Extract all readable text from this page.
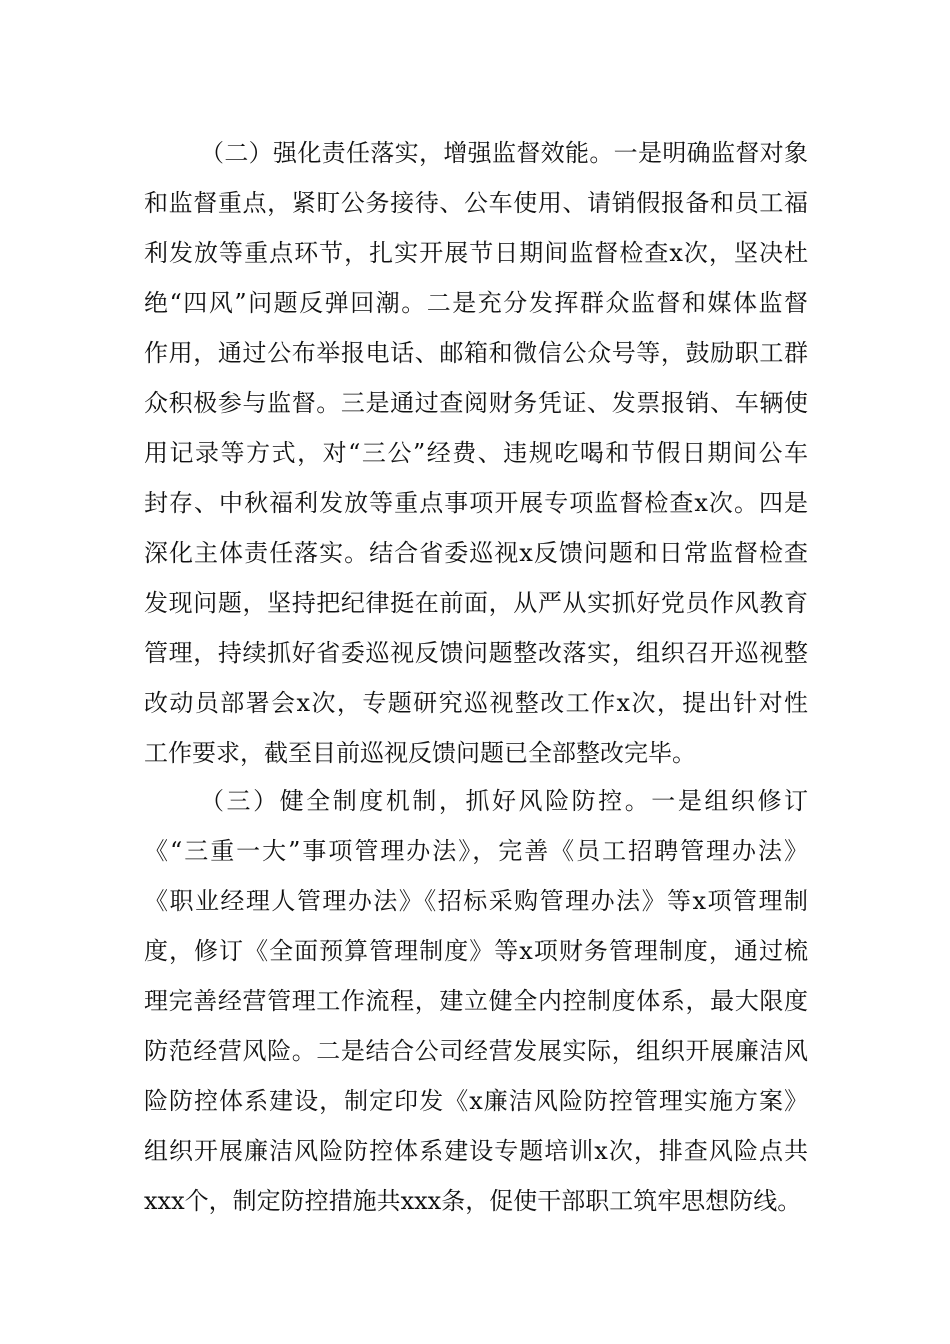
（二）强化责任落实，增强监督效能。一是明确监督对象
和监督重点，紧盯公务接待、公车使用、请销假报备和员工福
利发放等重点环节，扎实开展节日期间监督检查x次，坚决杜
绝“四风”问题反弹回潮。二是充分发挥群众监督和媒体监督
作用，通过公布举报电话、邮箱和微信公众号等，鼓励职工群
众积极参与监督。三是通过查阅财务凭证、发票报销、车辆使
用记录等方式，对“三公”经费、违规吃喝和节假日期间公车
封存、中秋福利发放等重点事项开展专项监督检查x次。四是
深化主体责任落实。结合省委巡视x反馈问题和日常监督检查
发现问题，坚持把纪律挺在前面，从严从实抓好党员作风教育
管理，持续抓好省委巡视反馈问题整改落实，组织召开巡视整
改动员部署会x次，专题研究巡视整改工作x次，提出针对性
工作要求，截至目前巡视反馈问题已全部整改完毕。
（三）健全制度机制，抓好风险防控。一是组织修订
《“三重一大”事项管理办法》，完善《员工招聘管理办法》
《职业经理人管理办法》《招标采购管理办法》等x项管理制
度，修订《全面预算管理制度》等x项财务管理制度，通过梳
理完善经营管理工作流程，建立健全内控制度体系，最大限度
防范经营风险。二是结合公司经营发展实际，组织开展廉洁风
险防控体系建设，制定印发《x廉洁风险防控管理实施方案》
组织开展廉洁风险防控体系建设专题培训x次，排查风险点共
xxx个，制定防控措施共xxx条，促使干部职工筑牢思想防线。
